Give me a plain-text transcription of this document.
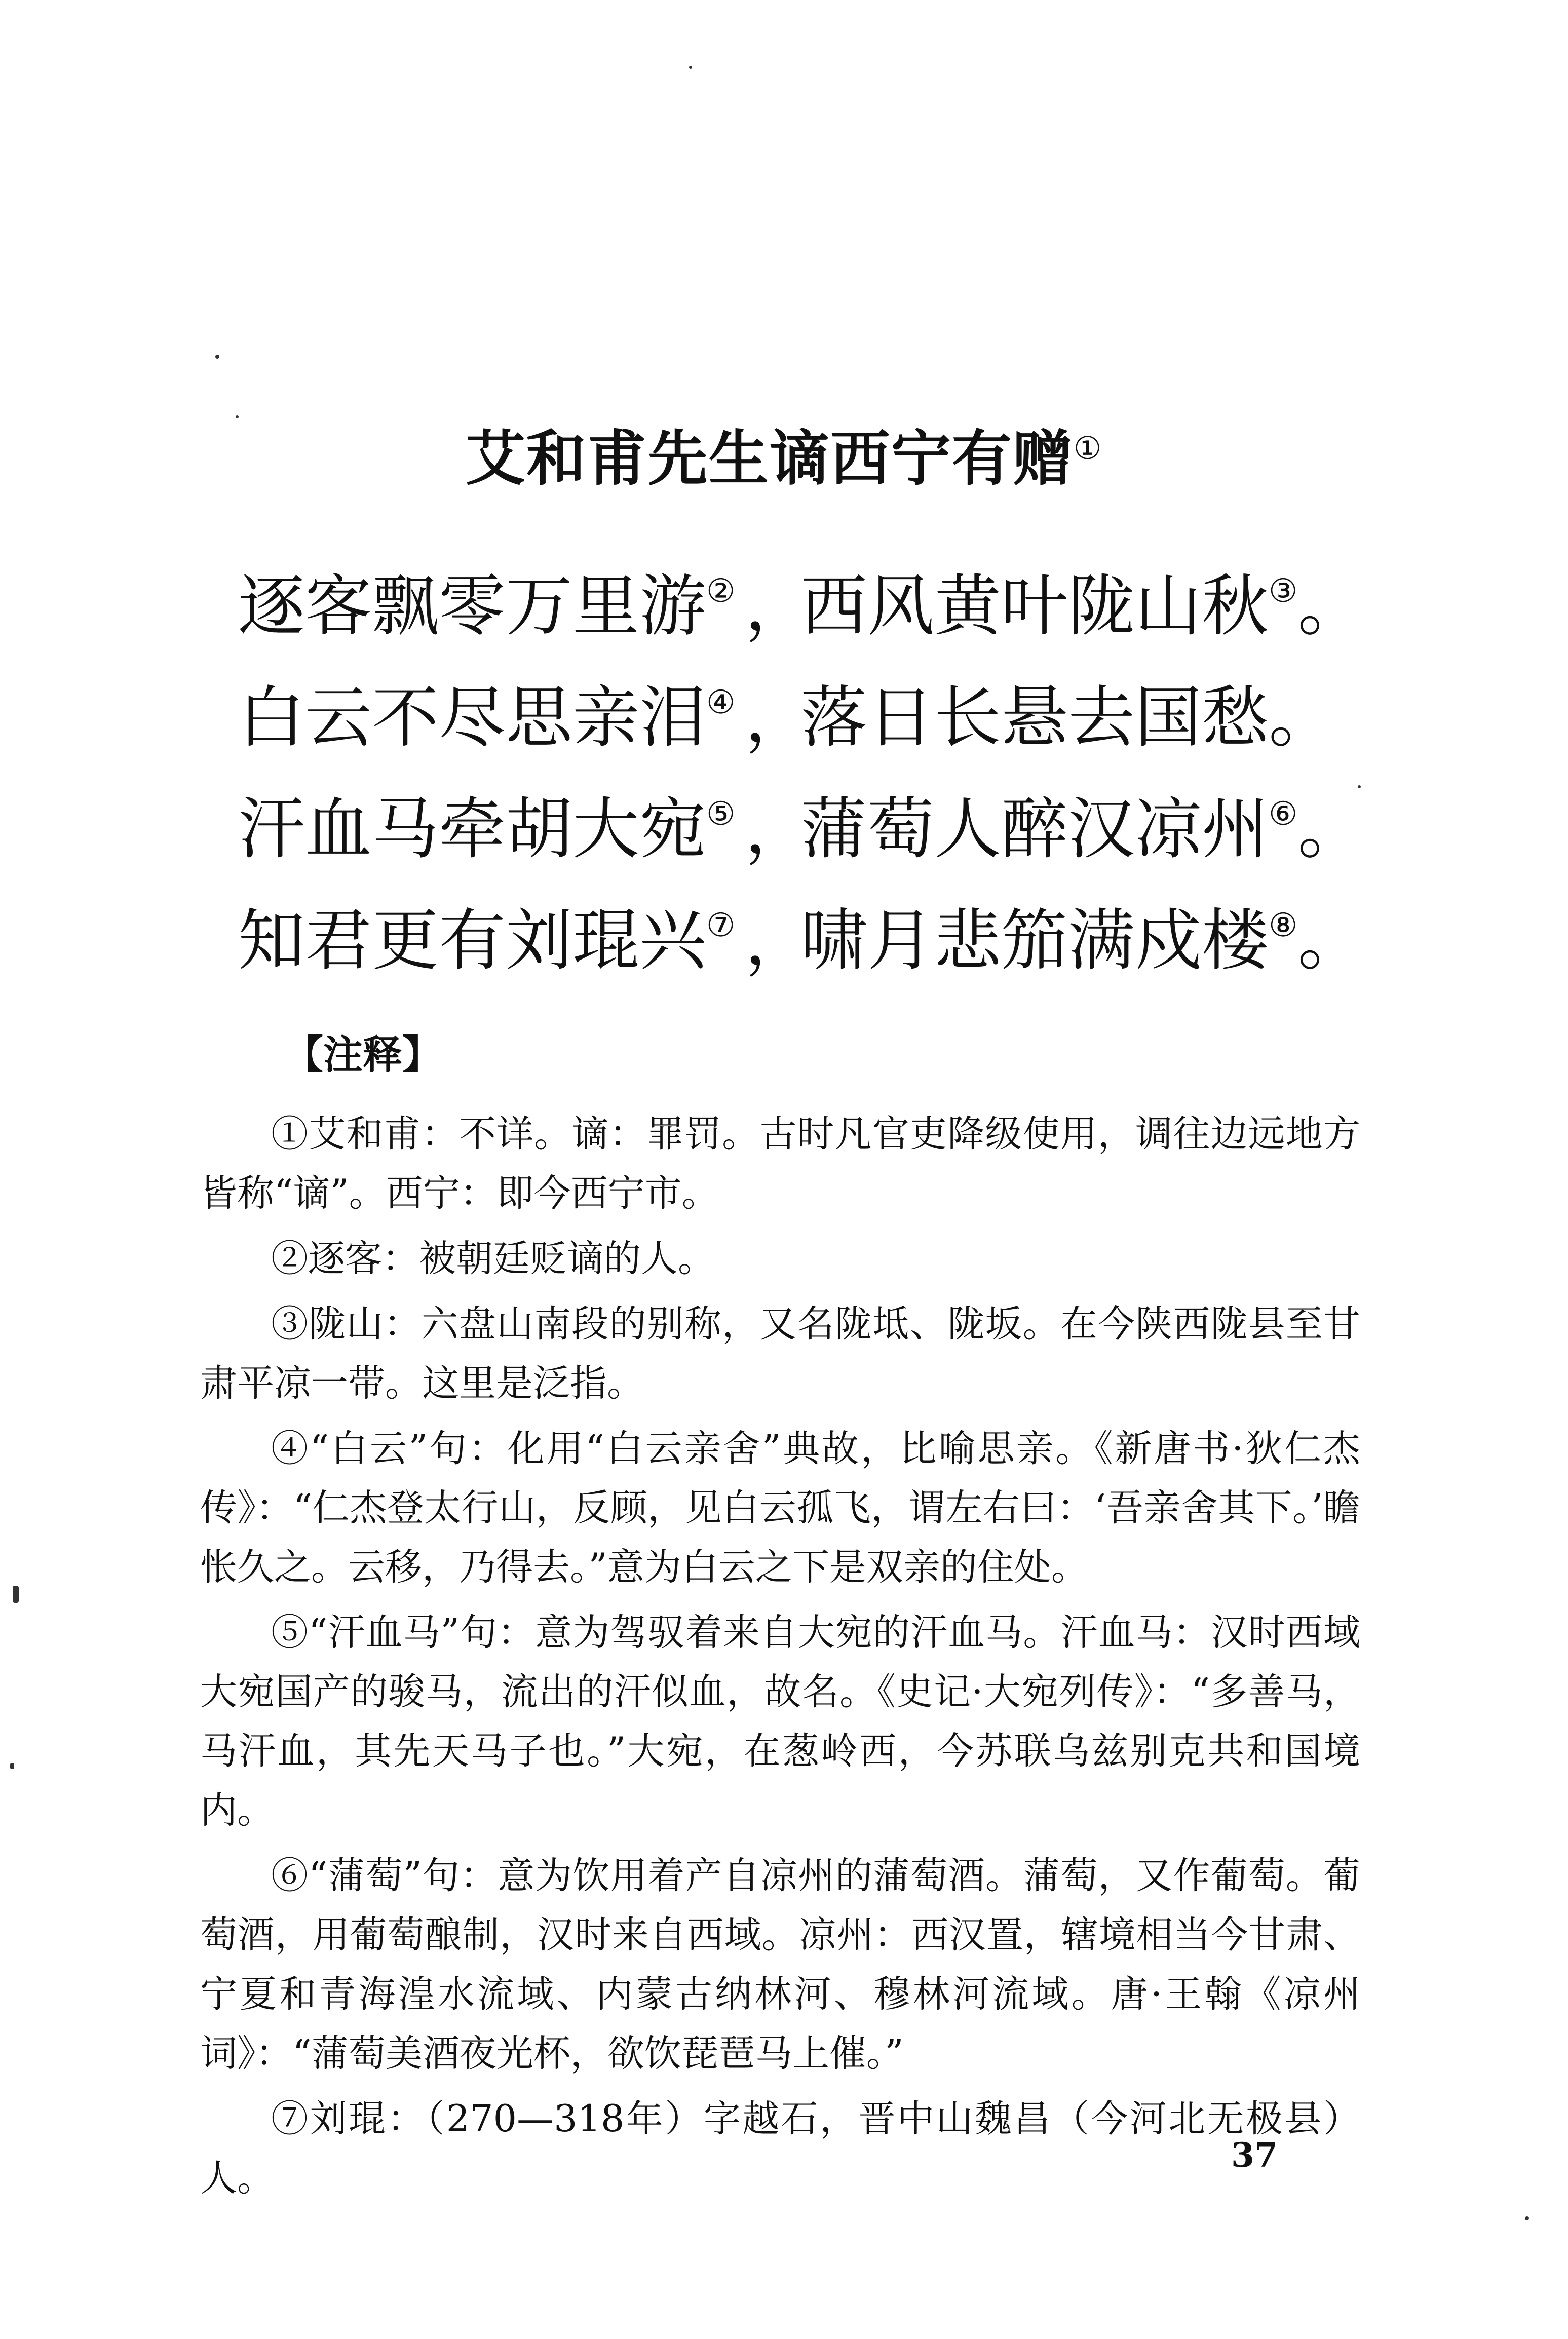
艾和甫先生谪西宁有赠①
逐客飘零万里游② ，西风黄叶陇山秋③。
白云不尽思亲泪④ ，落日长悬去国愁。
汗血马牵胡大宛⑤ ，蒲萄人醉汉凉州⑥。
知君更有刘琨兴⑦ ，啸月悲笳满戍楼⑧。
【注释】

①艾和甫：不详。谪：罪罚。古时凡官吏降级使用，调往边远地方皆称“谪”。西宁：即今西宁市。

②逐客：被朝廷贬谪的人。

③陇山：六盘山南段的别称，又名陇坻、陇坂。在今陕西陇县至甘肃平凉一带。这里是泛指。

④“白云”句：化用“白云亲舍”典故，比喻思亲。《新唐书·狄仁杰传》：“仁杰登太行山，反顾，见白云孤飞，谓左右曰：‘吾亲舍其下。’瞻怅久之。云移，乃得去。”意为白云之下是双亲的住处。

⑤“汗血马”句：意为驾驭着来自大宛的汗血马。汗血马：汉时西域大宛国产的骏马，流出的汗似血，故名。《史记·大宛列传》：“多善马，马汗血，其先天马子也。”大宛，在葱岭西，今苏联乌兹别克共和国境内。

⑥“蒲萄”句：意为饮用着产自凉州的蒲萄酒。蒲萄，又作葡萄。葡萄酒，用葡萄酿制，汉时来自西域。凉州：西汉置，辖境相当今甘肃、宁夏和青海湟水流域、内蒙古纳林河、穆林河流域。唐·王翰《凉州词》：“蒲萄美酒夜光杯，欲饮琵琶马上催。”

⑦刘琨：（270—318年）字越石，晋中山魏昌（今河北无极县）人。

37
